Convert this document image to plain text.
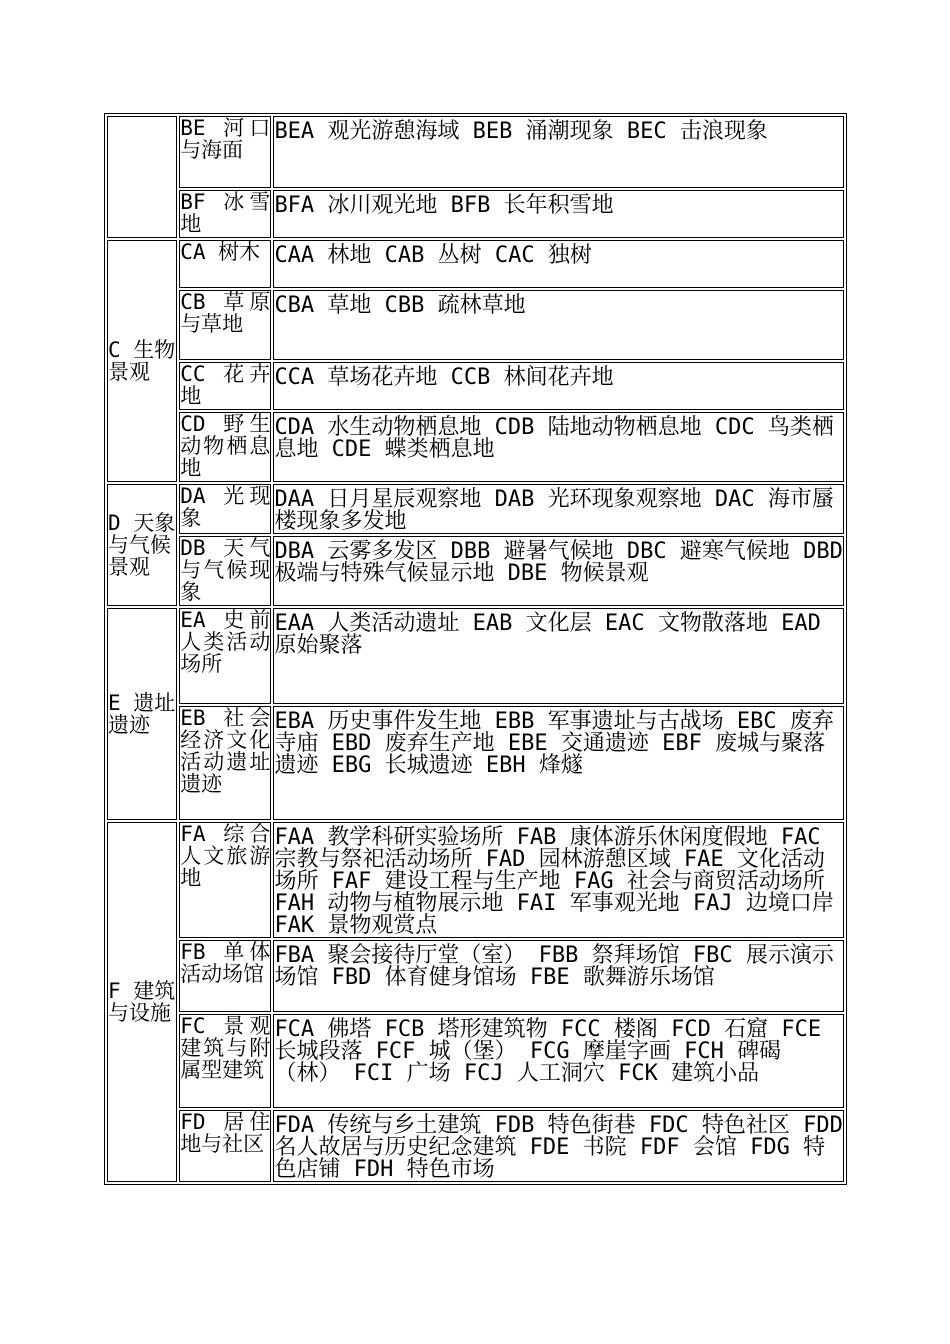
	BE 河口与海面	BEA 观光游憩海域 BEB 涌潮现象 BEC 击浪现象
	BF 冰雪地	BFA 冰川观光地 BFB 长年积雪地
C 生物景观	CA 树木	CAA 林地 CAB 丛树 CAC 独树
	CB 草原与草地	CBA 草地 CBB 疏林草地
	CC 花卉地	CCA 草场花卉地 CCB 林间花卉地
	CD 野生动物栖息地	CDA 水生动物栖息地 CDB 陆地动物栖息地 CDC 鸟类栖息地 CDE 蝶类栖息地
D 天象与气候景观	DA 光现象	DAA 日月星辰观察地 DAB 光环现象观察地 DAC 海市蜃楼现象多发地
	DB 天气与气候现象	DBA 云雾多发区 DBB 避暑气候地 DBC 避寒气候地 DBD 极端与特殊气候显示地 DBE 物候景观
E 遗址遗迹	EA 史前人类活动场所	EAA 人类活动遗址 EAB 文化层 EAC 文物散落地 EAD 原始聚落
	EB 社会经济文化活动遗址遗迹	EBA 历史事件发生地 EBB 军事遗址与古战场 EBC 废弃寺庙 EBD 废弃生产地 EBE 交通遗迹 EBF 废城与聚落遗迹 EBG 长城遗迹 EBH 烽燧
F 建筑与设施	FA 综合人文旅游地	FAA 教学科研实验场所 FAB 康体游乐休闲度假地 FAC 宗教与祭祀活动场所 FAD 园林游憩区域 FAE 文化活动场所 FAF 建设工程与生产地 FAG 社会与商贸活动场所 FAH 动物与植物展示地 FAI 军事观光地 FAJ 边境口岸 FAK 景物观赏点
	FB 单体活动场馆	FBA 聚会接待厅堂（室） FBB 祭拜场馆 FBC 展示演示场馆 FBD 体育健身馆场 FBE 歌舞游乐场馆
	FC 景观建筑与附属型建筑	FCA 佛塔 FCB 塔形建筑物 FCC 楼阁 FCD 石窟 FCE 长城段落 FCF 城（堡） FCG 摩崖字画 FCH 碑碣（林） FCI 广场 FCJ 人工洞穴 FCK 建筑小品
	FD 居住地与社区	FDA 传统与乡土建筑 FDB 特色街巷 FDC 特色社区 FDD 名人故居与历史纪念建筑 FDE 书院 FDF 会馆 FDG 特色店铺 FDH 特色市场
